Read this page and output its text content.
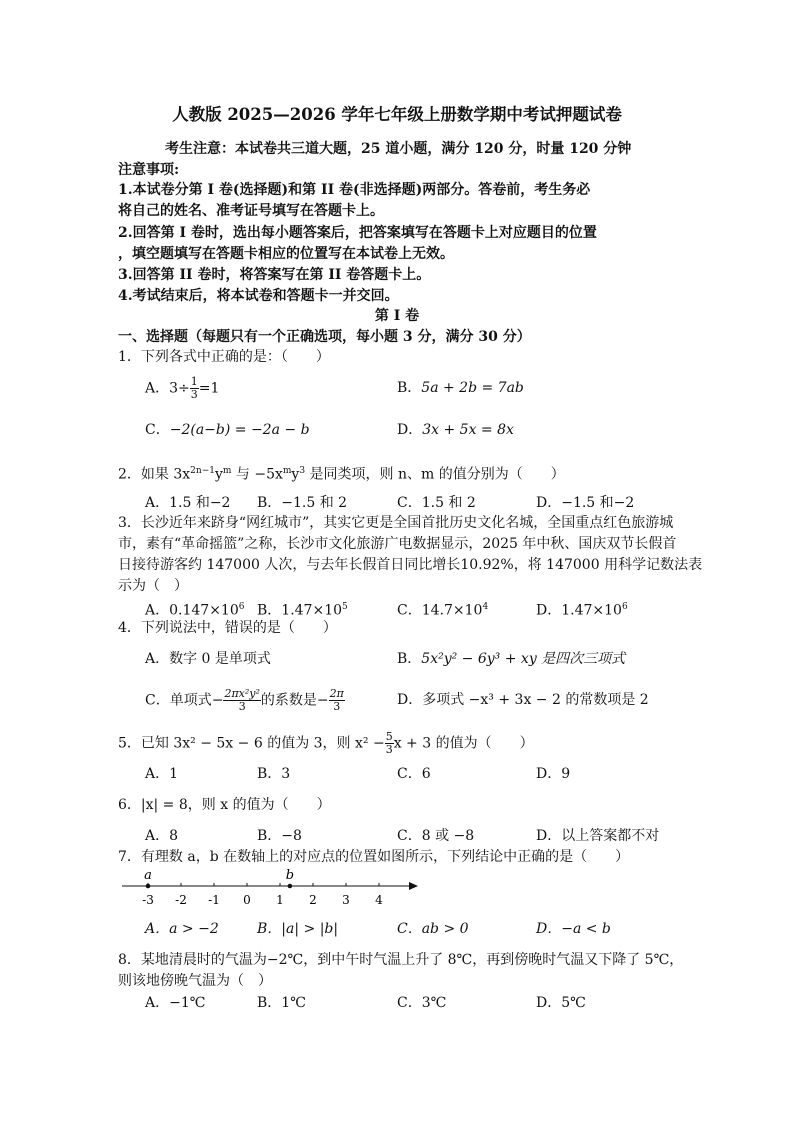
人教版 2025—2026 学年七年级上册数学期中考试押题试卷
考生注意：本试卷共三道大题，25 道小题，满分 120 分，时量 120 分钟
注意事项:
1.本试卷分第 I 卷(选择题)和第 II 卷(非选择题)两部分。答卷前，考生务必
将自己的姓名、准考证号填写在答题卡上。
2.回答第 I 卷时，选出每小题答案后，把答案填写在答题卡上对应题目的位置
，填空题填写在答题卡相应的位置写在本试卷上无效。
3.回答第 II 卷时，将答案写在第 II 卷答题卡上。
4.考试结束后，将本试卷和答题卡一并交回。
第 I 卷
一、选择题（每题只有一个正确选项，每小题 3 分，满分 30 分）
1．下列各式中正确的是：（　　）
A．$3\div \frac{1}{3} =1$	B．5a + 2b = 7ab
C．−2(a−b) = −2a − b	D．3x + 5x = 8x
2．如果 $3x^{2n-1}y^m$ 与 $-5x^my^3$ 是同类项，则 n、m 的值分别为（　　）
A．1.5 和−2 B．−1.5 和 2	C．1.5 和 2	D．−1.5 和−2
3．长沙近年来跻身“网红城市”，其实它更是全国首批历史文化名城，全国重点红色旅游城
市，素有“革命摇篮”之称，长沙市文化旅游广电数据显示，2025 年中秋、国庆双节长假首
日接待游客约 147000 人次，与去年长假首日同比增长10.92%，将 147000 用科学记数法表
示为（　）
A．$0.147\times 10^6$ B．$1.47\times 10^5$	C．$14.7\times 10^4$	D．$1.47\times 10^6$
4．下列说法中，错误的是（　　）
A．数字 0 是单项式	B．5x²y² − 6y³ + xy 是四次三项式
C．单项式− $\frac{\text{2πx²y²}}{3}$ 的系数是− $\frac{2\pi}{3}$	D．多项式 −x³ + 3x − 2 的常数项是 2
5．已知 3x² − 5x − 6 的值为 3，则 $x^2 - \frac{5}{3}$ x + 3 的值为（　　）
A．1	B．3	C．6	D．9
6．|x| = 8，则 x 的值为（　　）
A．8	B．−8	C．8 或 −8	D．以上答案都不对
7．有理数 a，b 在数轴上的对应点的位置如图所示，下列结论中正确的是（　　）
-3 -2 -1 0 1 2 3 4
a	b
A．a > −2	B．|a| > |b|	C．ab > 0	D．−a < b
8．某地清晨时的气温为−2℃，到中午时气温上升了 8℃，再到傍晚时气温又下降了 5℃，
则该地傍晚气温为（　）
A．−1℃	B．1℃	C．3℃	D．5℃
